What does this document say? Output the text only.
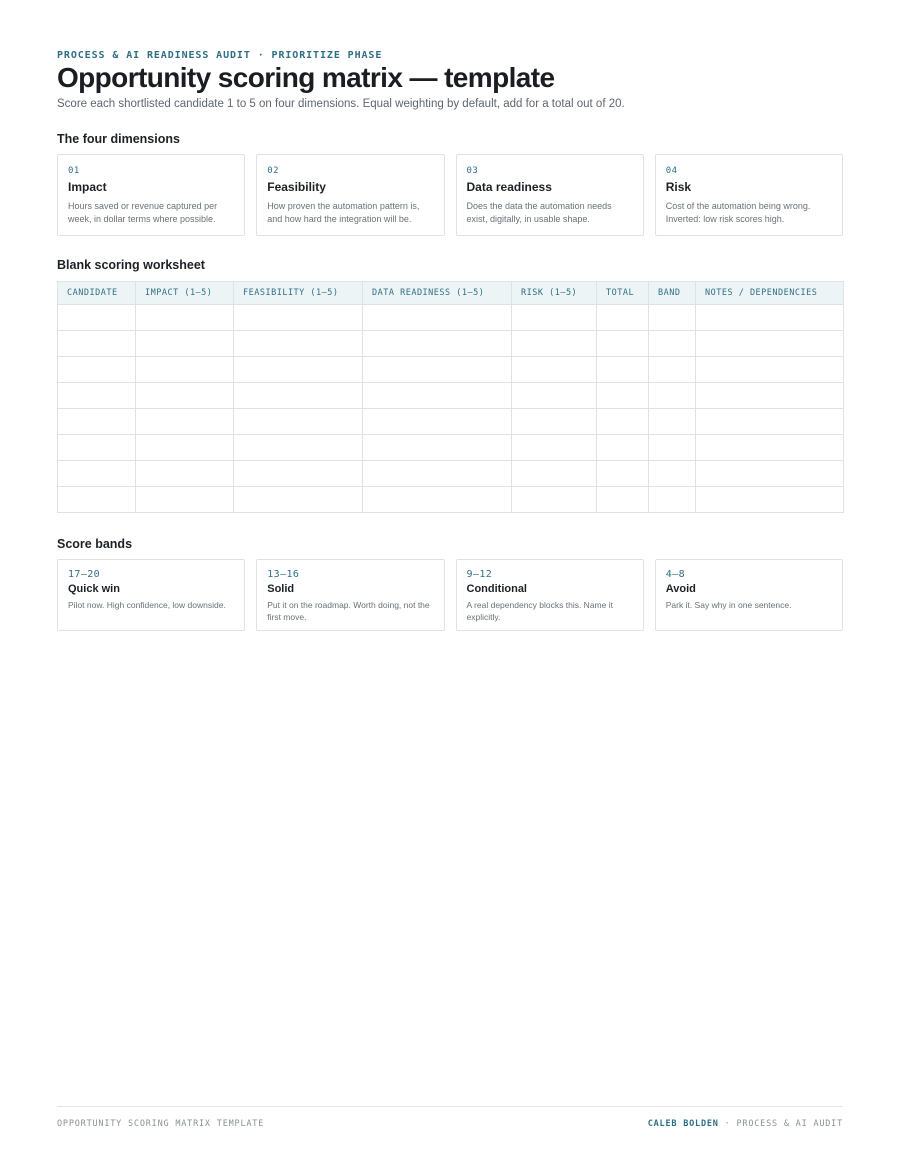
PROCESS & AI READINESS AUDIT · PRIORITIZE PHASE
Opportunity scoring matrix — template
Score each shortlisted candidate 1 to 5 on four dimensions. Equal weighting by default, add for a total out of 20.
The four dimensions
01
Impact
Hours saved or revenue captured per week, in dollar terms where possible.
02
Feasibility
How proven the automation pattern is, and how hard the integration will be.
03
Data readiness
Does the data the automation needs exist, digitally, in usable shape.
04
Risk
Cost of the automation being wrong. Inverted: low risk scores high.
Blank scoring worksheet
CANDIDATE	IMPACT (1–5)	FEASIBILITY (1–5)	DATA READINESS (1–5)	RISK (1–5)	TOTAL	BAND	NOTES / DEPENDENCIES

Score bands
17–20
Quick win
Pilot now. High confidence, low downside.
13–16
Solid
Put it on the roadmap. Worth doing, not the first move.
9–12
Conditional
A real dependency blocks this. Name it explicitly.
4–8
Avoid
Park it. Say why in one sentence.
OPPORTUNITY SCORING MATRIX TEMPLATE	CALEB BOLDEN · PROCESS & AI AUDIT
